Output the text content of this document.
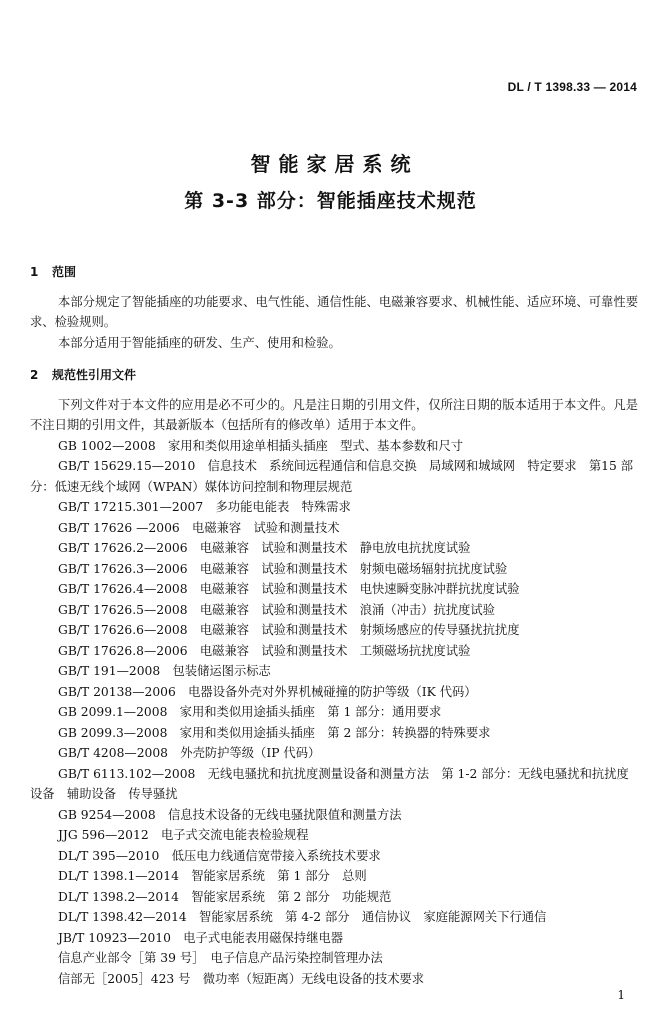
DL / T 1398.33 — 2014
智能家居系统
第 3-3 部分：智能插座技术规范
1 范围
本部分规定了智能插座的功能要求、电气性能、通信性能、电磁兼容要求、机械性能、适应环境、可靠性要求、检验规则。
本部分适用于智能插座的研发、生产、使用和检验。
2 规范性引用文件
下列文件对于本文件的应用是必不可少的。凡是注日期的引用文件，仅所注日期的版本适用于本文件。凡是不注日期的引用文件，其最新版本（包括所有的修改单）适用于本文件。
GB 1002—2008　家用和类似用途单相插头插座　型式、基本参数和尺寸
GB/T 15629.15—2010　信息技术　系统间远程通信和信息交换　局域网和城域网　特定要求　第15 部分：低速无线个域网（WPAN）媒体访问控制和物理层规范
GB/T 17215.301—2007　多功能电能表　特殊需求
GB/T 17626 —2006　电磁兼容　试验和测量技术
GB/T 17626.2—2006　电磁兼容　试验和测量技术　静电放电抗扰度试验
GB/T 17626.3—2006　电磁兼容　试验和测量技术　射频电磁场辐射抗扰度试验
GB/T 17626.4—2008　电磁兼容　试验和测量技术　电快速瞬变脉冲群抗扰度试验
GB/T 17626.5—2008　电磁兼容　试验和测量技术　浪涌（冲击）抗扰度试验
GB/T 17626.6—2008　电磁兼容　试验和测量技术　射频场感应的传导骚扰抗扰度
GB/T 17626.8—2006　电磁兼容　试验和测量技术　工频磁场抗扰度试验
GB/T 191—2008　包装储运图示标志
GB/T 20138—2006　电器设备外壳对外界机械碰撞的防护等级（IK 代码）
GB 2099.1—2008　家用和类似用途插头插座　第 1 部分：通用要求
GB 2099.3—2008　家用和类似用途插头插座　第 2 部分：转换器的特殊要求
GB/T 4208—2008　外壳防护等级（IP 代码）
GB/T 6113.102—2008　无线电骚扰和抗扰度测量设备和测量方法　第 1-2 部分：无线电骚扰和抗扰度设备　辅助设备　传导骚扰
GB 9254—2008　信息技术设备的无线电骚扰限值和测量方法
JJG 596—2012　电子式交流电能表检验规程
DL/T 395—2010　低压电力线通信宽带接入系统技术要求
DL/T 1398.1—2014　智能家居系统　第 1 部分　总则
DL/T 1398.2—2014　智能家居系统　第 2 部分　功能规范
DL/T 1398.42—2014　智能家居系统　第 4-2 部分　通信协议　家庭能源网关下行通信
JB/T 10923—2010　电子式电能表用磁保持继电器
信息产业部令［第 39 号］　电子信息产品污染控制管理办法
信部无［2005］423 号　微功率（短距离）无线电设备的技术要求
1
